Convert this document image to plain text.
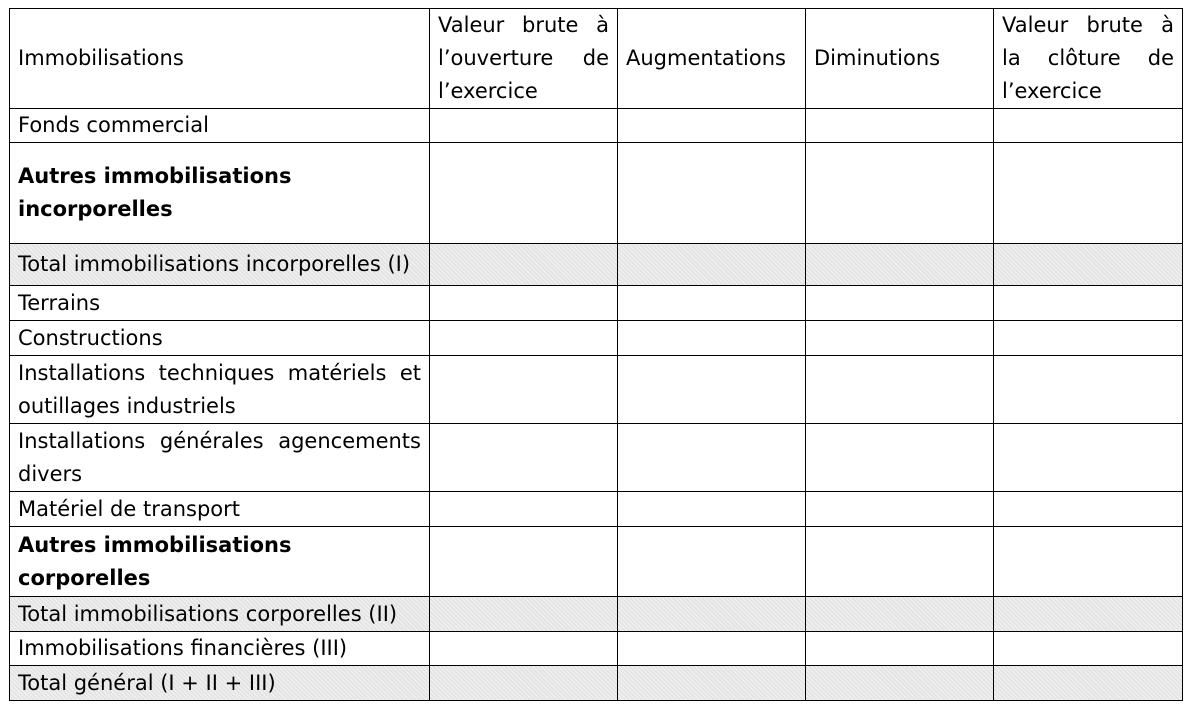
Immobilisations	Valeur brute à l’ouverture de l’exercice	Augmentations	Diminutions	Valeur brute à la clôture de l’exercice
Fonds commercial				
Autres immobilisations incorporelles				
Total immobilisations incorporelles (I)				
Terrains				
Constructions				
Installations techniques matériels et outillages industriels				
Installations générales agencements divers				
Matériel de transport				
Autres immobilisations corporelles				
Total immobilisations corporelles (II)				
Immobilisations financières (III)				
Total général (I + II + III)				
